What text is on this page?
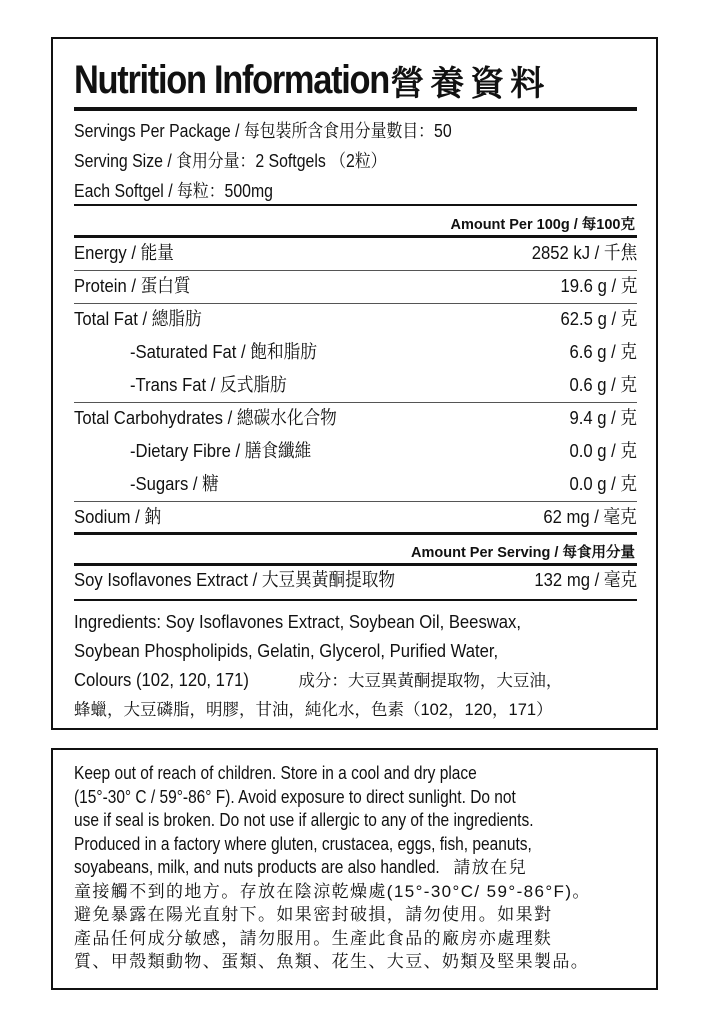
Nutrition Information 營養資料
Servings Per Package / 每包裝所含食用分量數目：50
Serving Size / 食用分量：2 Softgels （2粒）
Each Softgel / 每粒：500mg
Amount Per 100g / 每100克
Energy / 能量	2852 kJ / 千焦
Protein / 蛋白質	19.6 g / 克
Total Fat / 總脂肪	62.5 g / 克
-Saturated Fat / 飽和脂肪	6.6 g / 克
-Trans Fat / 反式脂肪	0.6 g / 克
Total Carbohydrates / 總碳水化合物	9.4 g / 克
-Dietary Fibre / 膳食纖維	0.0 g / 克
-Sugars / 糖	0.0 g / 克
Sodium / 鈉	62 mg / 毫克
Amount Per Serving / 每食用分量
Soy Isoflavones Extract / 大豆異黃酮提取物	132 mg / 毫克
Ingredients: Soy Isoflavones Extract, Soybean Oil, Beeswax,
Soybean Phospholipids, Gelatin, Glycerol, Purified Water,
Colours (102, 120, 171)	成分：大豆異黃酮提取物，大豆油，
蜂蠟，大豆磷脂，明膠，甘油，純化水，色素（102，120，171）
Keep out of reach of children. Store in a cool and dry place
(15°-30° C / 59°-86° F). Avoid exposure to direct sunlight. Do not
use if seal is broken. Do not use if allergic to any of the ingredients.
Produced in a factory where gluten, crustacea, eggs, fish, peanuts,
soyabeans, milk, and nuts products are also handled. 請放在兒
童接觸不到的地方。存放在陰涼乾燥處(15°-30°C/ 59°-86°F)。
避免暴露在陽光直射下。如果密封破損，請勿使用。如果對
產品任何成分敏感，請勿服用。生產此食品的廠房亦處理麩
質、甲殼類動物、蛋類、魚類、花生、大豆、奶類及堅果製品。
